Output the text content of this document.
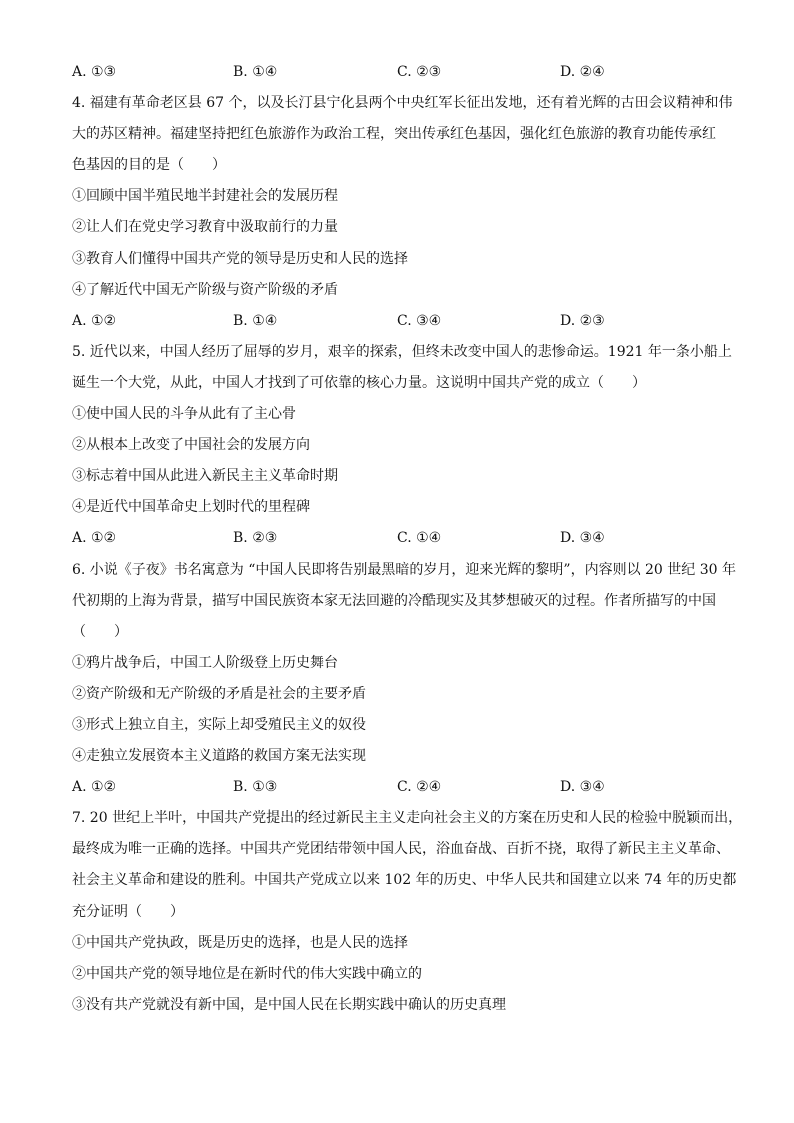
A. ①③	B. ①④	C. ②③	D. ②④
4. 福建有革命老区县 67 个，以及长汀县宁化县两个中央红军长征出发地，还有着光辉的古田会议精神和伟
大的苏区精神。福建坚持把红色旅游作为政治工程，突出传承红色基因，强化红色旅游的教育功能传承红
色基因的目的是（　　）
①回顾中国半殖民地半封建社会的发展历程
②让人们在党史学习教育中汲取前行的力量
③教育人们懂得中国共产党的领导是历史和人民的选择
④了解近代中国无产阶级与资产阶级的矛盾
A. ①②	B. ①④	C. ③④	D. ②③
5. 近代以来，中国人经历了屈辱的岁月，艰辛的探索，但终未改变中国人的悲惨命运。1921 年一条小船上
诞生一个大党，从此，中国人才找到了可依靠的核心力量。这说明中国共产党的成立（　　）
①使中国人民的斗争从此有了主心骨
②从根本上改变了中国社会的发展方向
③标志着中国从此进入新民主主义革命时期
④是近代中国革命史上划时代的里程碑
A. ①②	B. ②③	C. ①④	D. ③④
6. 小说《子夜》书名寓意为 “中国人民即将告别最黑暗的岁月，迎来光辉的黎明”，内容则以 20 世纪 30 年
代初期的上海为背景，描写中国民族资本家无法回避的冷酷现实及其梦想破灭的过程。作者所描写的中国
（　　）
①鸦片战争后，中国工人阶级登上历史舞台
②资产阶级和无产阶级的矛盾是社会的主要矛盾
③形式上独立自主，实际上却受殖民主义的奴役
④走独立发展资本主义道路的救国方案无法实现
A. ①②	B. ①③	C. ②④	D. ③④
7. 20 世纪上半叶，中国共产党提出的经过新民主主义走向社会主义的方案在历史和人民的检验中脱颖而出，
最终成为唯一正确的选择。中国共产党团结带领中国人民，浴血奋战、百折不挠，取得了新民主主义革命、
社会主义革命和建设的胜利。中国共产党成立以来 102 年的历史、中华人民共和国建立以来 74 年的历史都
充分证明（　　）
①中国共产党执政，既是历史的选择，也是人民的选择
②中国共产党的领导地位是在新时代的伟大实践中确立的
③没有共产党就没有新中国，是中国人民在长期实践中确认的历史真理
